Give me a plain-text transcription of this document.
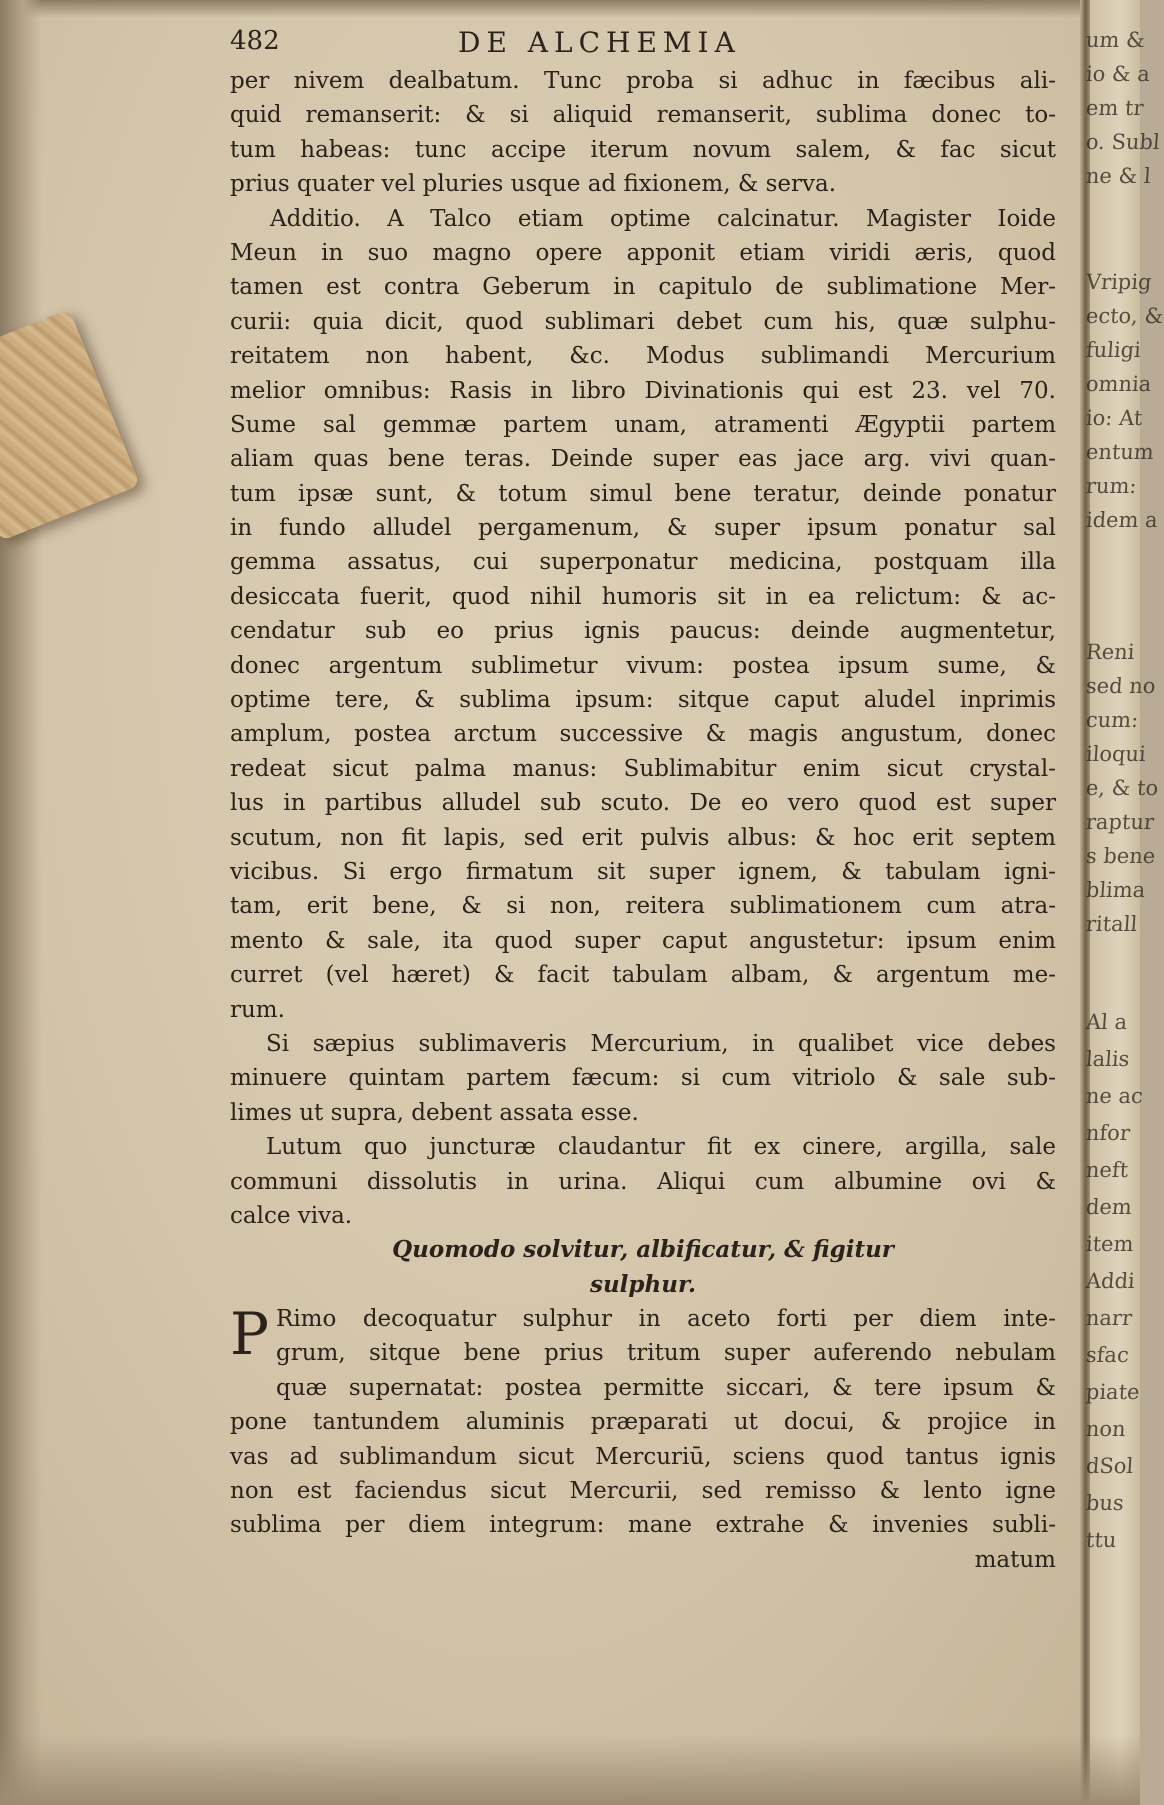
482	DE ALCHEMIA
per nivem dealbatum. Tunc proba si adhuc in fæcibus ali-
quid remanserit: & si aliquid remanserit, sublima donec to-
tum habeas: tunc accipe iterum novum salem, & fac sicut
prius quater vel pluries usque ad fixionem, & serva.
Additio. A Talco etiam optime calcinatur. Magister Ioide
Meun in suo magno opere apponit etiam viridi æris, quod
tamen est contra Geberum in capitulo de sublimatione Mer-
curii: quia dicit, quod sublimari debet cum his, quæ sulphu-
reitatem non habent, &c. Modus sublimandi Mercurium
melior omnibus: Rasis in libro Divinationis qui est 23. vel 70.
Sume sal gemmæ partem unam, atramenti Ægyptii partem
aliam quas bene teras. Deinde super eas jace arg. vivi quan-
tum ipsæ sunt, & totum simul bene teratur, deinde ponatur
in fundo alludel pergamenum, & super ipsum ponatur sal
gemma assatus, cui superponatur medicina, postquam illa
desiccata fuerit, quod nihil humoris sit in ea relictum: & ac-
cendatur sub eo prius ignis paucus: deinde augmentetur,
donec argentum sublimetur vivum: postea ipsum sume, &
optime tere, & sublima ipsum: sitque caput aludel inprimis
amplum, postea arctum successive & magis angustum, donec
redeat sicut palma manus: Sublimabitur enim sicut crystal-
lus in partibus alludel sub scuto. De eo vero quod est super
scutum, non fit lapis, sed erit pulvis albus: & hoc erit septem
vicibus. Si ergo firmatum sit super ignem, & tabulam igni-
tam, erit bene, & si non, reitera sublimationem cum atra-
mento & sale, ita quod super caput angustetur: ipsum enim
curret (vel hæret) & facit tabulam albam, & argentum me-
rum.
Si sæpius sublimaveris Mercurium, in qualibet vice debes
minuere quintam partem fæcum: si cum vitriolo & sale sub-
limes ut supra, debent assata esse.
Lutum quo juncturæ claudantur fit ex cinere, argilla, sale
communi dissolutis in urina. Aliqui cum albumine ovi &
calce viva.
Quomodo solvitur, albificatur, & figitur
sulphur.
P Rimo decoquatur sulphur in aceto forti per diem inte-
grum, sitque bene prius tritum super auferendo nebulam
quæ supernatat: postea permitte siccari, & tere ipsum &
pone tantundem aluminis præparati ut docui, & projice in
vas ad sublimandum sicut Mercuriū, sciens quod tantus ignis
non est faciendus sicut Mercurii, sed remisso & lento igne
sublima per diem integrum: mane extrahe & invenies subli-
matum
um &
io & a
em tr
o. Subl
ne & l
Vripig
ecto, &
fuligi
omnia
io: At
entum
rum:
idem a
Reni
sed no
cum:
iloqui
e, & to
raptur
s bene
blima
ritall
Al a
lalis
ne ac
nfor
neft
dem
item
Addi
narr
sfac
piate
non
dSol
bus
ttu
